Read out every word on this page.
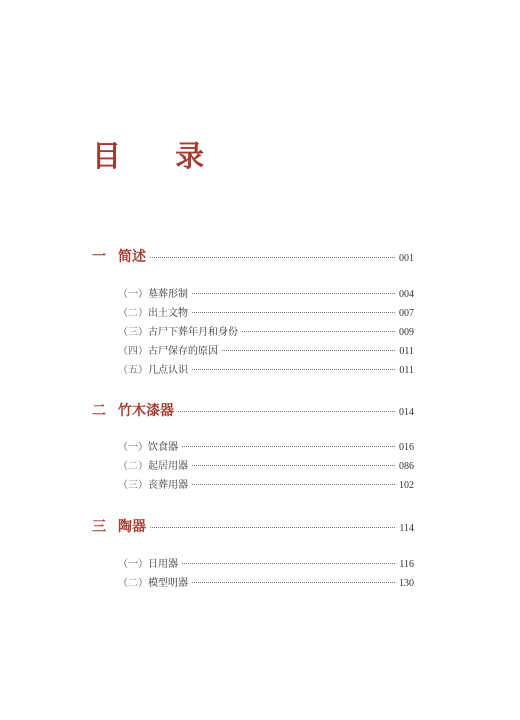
目 录
一 简述	001
（一） 墓葬形制	004
（二） 出土文物	007
（三） 古尸下葬年月和身份	009
（四） 古尸保存的原因	011
（五） 几点认识	011
二 竹木漆器	014
（一） 饮食器	016
（二） 起居用器	086
（三） 丧葬用器	102
三 陶器	114
（一） 日用器	116
（二） 模型明器	130
